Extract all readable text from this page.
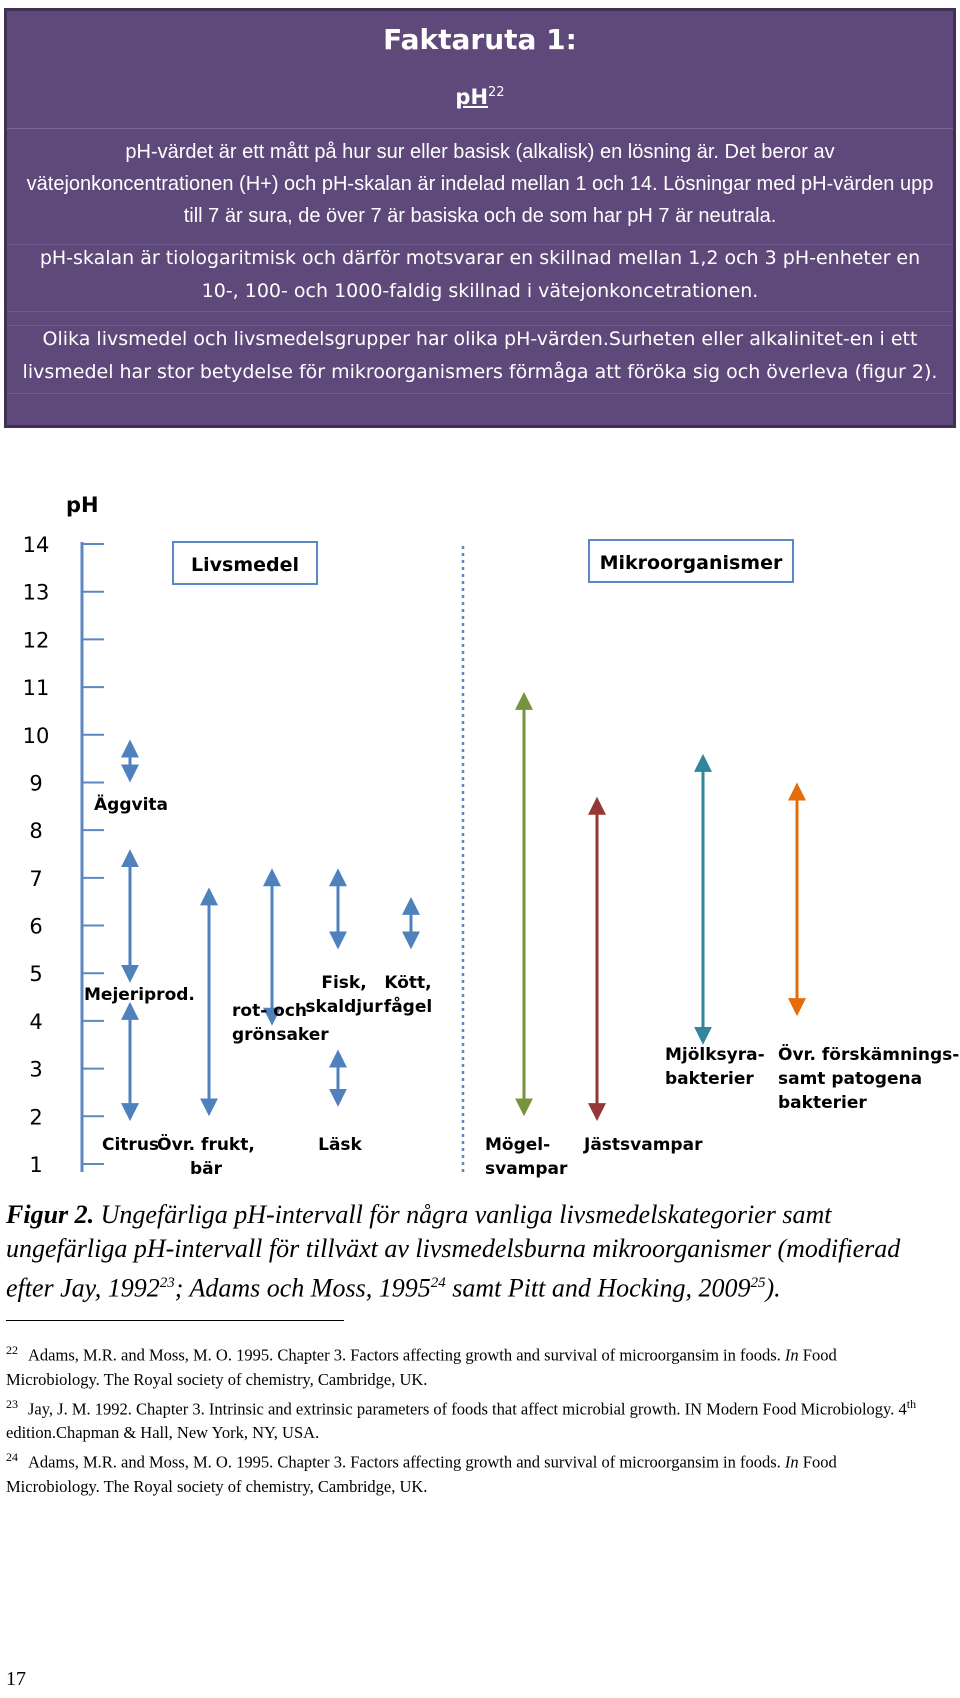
Faktaruta 1:
$pH^{22}$
pH-värdet är ett mått på hur sur eller basisk (alkalisk) en lösning är. Det beror av vätejonkoncentrationen (H+) och pH-skalan är indelad mellan 1 och 14. Lösningar med pH-värden upp till 7 är sura, de över 7 är basiska och de som har pH 7 är neutrala.
pH-skalan är tiologaritmisk och därför motsvarar en skillnad mellan 1,2 och 3 pH-enheter en 10-, 100- och 1000-faldig skillnad i vätejonkoncetrationen.
Olika livsmedel och livsmedelsgrupper har olika pH-värden.Surheten eller alkalinitet-en i ett livsmedel har stor betydelse för mikroorganismers förmåga att föröka sig och överleva (figur 2).
pH
1
2
3
4
5
6
7
8
9
10
11
12
13
14
Livsmedel	Mikroorganismer
Äggvita
Mejeriprod.
Citrus
Övr. frukt, bär
rot- och grönsaker
Fisk, skaldjur
Läsk
Kött, fågel
Mögel-svampar
Jästsvampar
Mjölksyra-bakterier
Övr. förskämnings-samt patogena bakterier
Figur 2. Ungefärliga pH-intervall för några vanliga livsmedelskategorier samt ungefärliga pH-intervall för tillväxt av livsmedelsburna mikroorganismer (modifierad efter Jay, 1992$^{23}$; Adams och Moss, 1995$^{24}$ samt Pitt and Hocking, 2009$^{25}$).
$^{22}$ Adams, M.R. and Moss, M. O. 1995. Chapter 3. Factors affecting growth and survival of microorgansim in foods. In Food Microbiology. The Royal society of chemistry, Cambridge, UK.
$^{23}$ Jay, J. M. 1992. Chapter 3. Intrinsic and extrinsic parameters of foods that affect microbial growth. IN Modern Food Microbiology. 4th edition.Chapman & Hall, New York, NY, USA.
$^{24}$ Adams, M.R. and Moss, M. O. 1995. Chapter 3. Factors affecting growth and survival of microorgansim in foods. In Food Microbiology. The Royal society of chemistry, Cambridge, UK.
17
